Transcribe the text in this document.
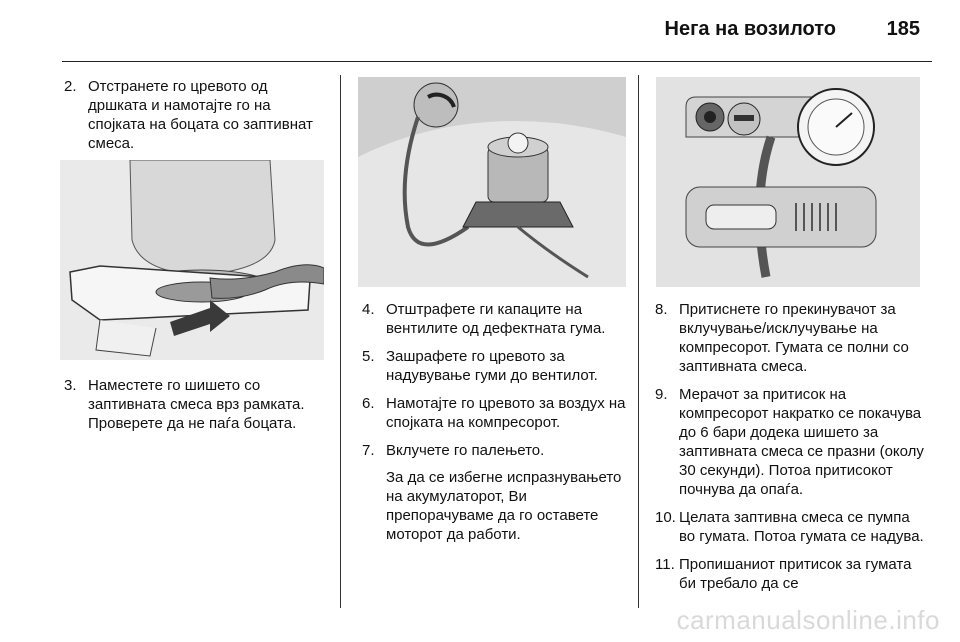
Нега на возилото	185
2. Отстранете го цревото од дршката и намотајте го на спојката на боцата со заптивнат смеса.

3. Наместете го шишето со заптивната смеса врз рамката. Проверете да не паѓа боцата.

4. Отштрафете ги капаците на вентилите од дефектната гума.

5. Зашрафете го цревото за надувување гуми до вентилот.

6. Намотајте го цревото за воздух на спојката на компресорот.

7. Вклучете го палењето.

За да се избегне испразнувањето на акумулаторот, Ви препорачуваме да го оставете моторот да работи.

8. Притиснете го прекинувачот за вклучување/исклучување на компресорот. Гумата се полни со заптивната смеса.

9. Мерачот за притисок на компресорот накратко се покачува до 6 бари додека шишето за заптивната смеса се празни (околу 30 секунди). Потоа притисокот почнува да опаѓа.

10. Целата заптивна смеса се пумпа во гумата. Потоа гумата се надува.

11. Пропишаниот притисок за гумата би требало да се

carmanualsonline.info
